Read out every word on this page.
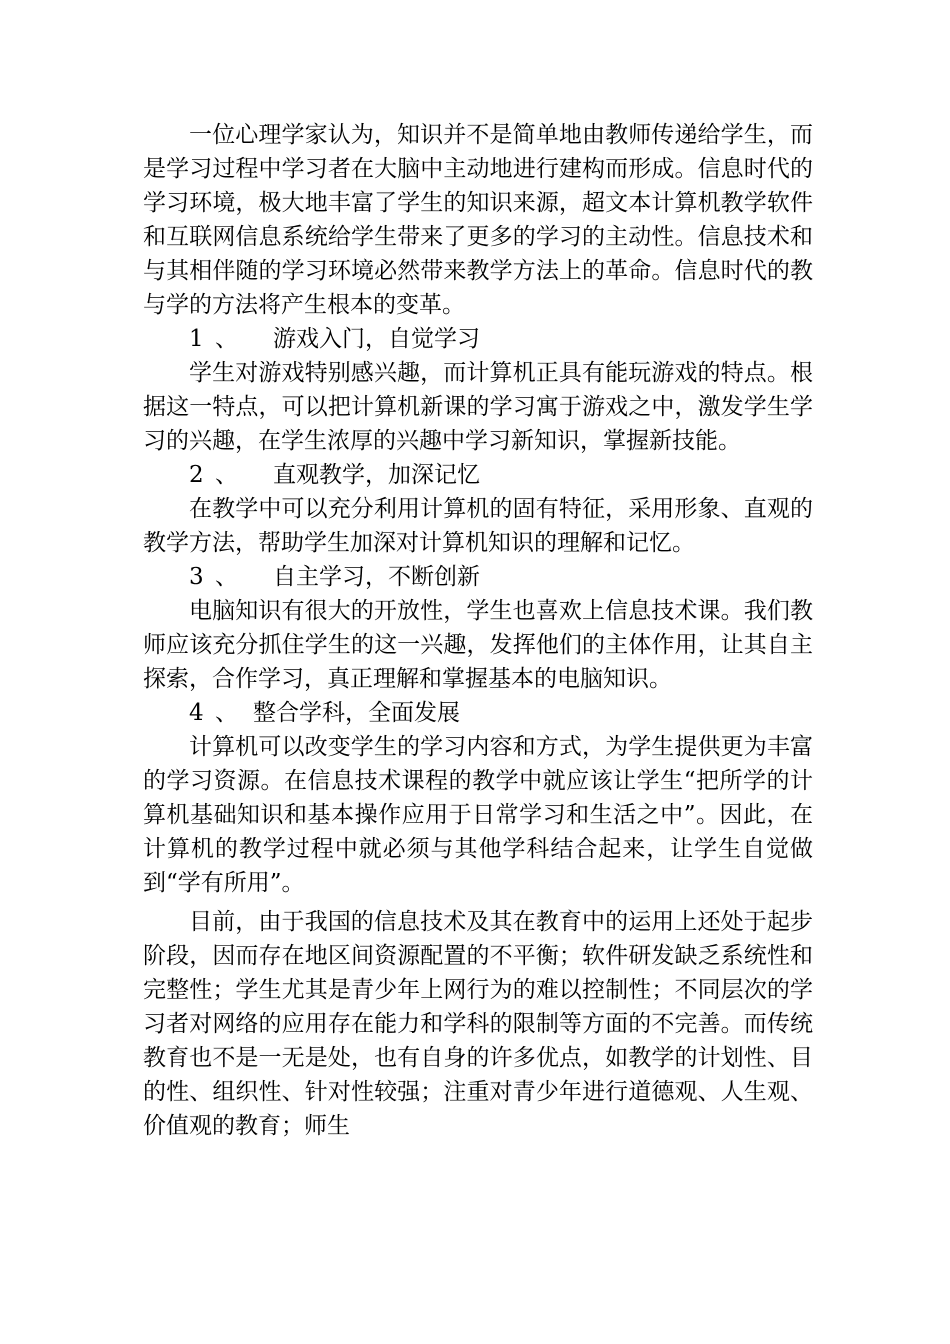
一位心理学家认为，知识并不是简单地由教师传递给学生，而是学习过程中学习者在大脑中主动地进行建构而形成。信息时代的学习环境，极大地丰富了学生的知识来源，超文本计算机教学软件和互联网信息系统给学生带来了更多的学习的主动性。信息技术和与其相伴随的学习环境必然带来教学方法上的革命。信息时代的教与学的方法将产生根本的变革。

1 、 游戏入门，自觉学习

学生对游戏特别感兴趣，而计算机正具有能玩游戏的特点。根据这一特点，可以把计算机新课的学习寓于游戏之中，激发学生学习的兴趣，在学生浓厚的兴趣中学习新知识，掌握新技能。

2 、 直观教学，加深记忆

在教学中可以充分利用计算机的固有特征，采用形象、直观的教学方法，帮助学生加深对计算机知识的理解和记忆。

3 、 自主学习，不断创新

电脑知识有很大的开放性，学生也喜欢上信息技术课。我们教师应该充分抓住学生的这一兴趣，发挥他们的主体作用，让其自主探索，合作学习，真正理解和掌握基本的电脑知识。

4 、 整合学科，全面发展

计算机可以改变学生的学习内容和方式，为学生提供更为丰富的学习资源。在信息技术课程的教学中就应该让学生“把所学的计算机基础知识和基本操作应用于日常学习和生活之中”。因此，在计算机的教学过程中就必须与其他学科结合起来，让学生自觉做到“学有所用”。

目前，由于我国的信息技术及其在教育中的运用上还处于起步阶段，因而存在地区间资源配置的不平衡；软件研发缺乏系统性和完整性；学生尤其是青少年上网行为的难以控制性；不同层次的学习者对网络的应用存在能力和学科的限制等方面的不完善。而传统教育也不是一无是处，也有自身的许多优点，如教学的计划性、目的性、组织性、针对性较强；注重对青少年进行道德观、人生观、价值观的教育；师生
